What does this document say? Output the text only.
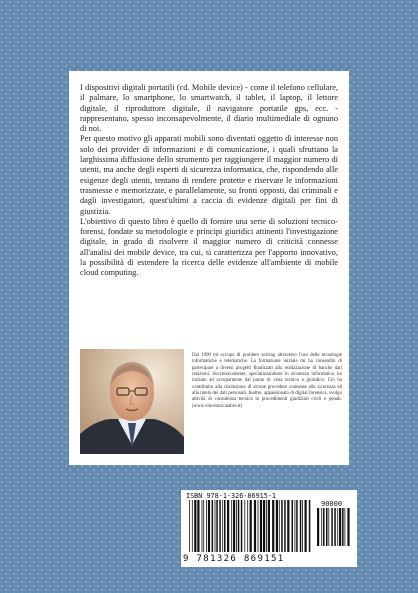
I dispositivi digitali portatili (cd. Mobile device) - come il telefono cellulare, il palmare, lo smartphone, lo smartwatch, il tablet, il laptop, il lettore digitale, il riproduttore digitale, il navigatore portatile gps, ecc. - rappresentano, spesso inconsapevolmente, il diario multimediale di ognuno di noi.

Per questo motivo gli apparati mobili sono diventati oggetto di interesse non solo dei provider di informazioni e di comunicazione, i quali sfruttano la larghissima diffusione dello strumento per raggiungere il maggior numero di utenti, ma anche degli esperti di sicurezza informatica, che, rispondendo alle esigenze degli utenti, tentano di rendere protette e riservate le informazioni trasmesse e memorizzate, e parallelamente, su fronti opposti, dai criminali e dagli investigatori, quest'ultimi a caccia di evidenze digitali per fini di giustizia.

L'obiettivo di questo libro è quello di fornire una serie di soluzioni tecnico-forensi, fondate su metodologie e principi giuridici attinenti l'investigazione digitale, in grado di risolvere il maggior numero di criticità connesse all'analisi dei mobile device, tra cui, si caratterizza per l'apporto innovativo, la possibilità di estendere la ricerca delle evidenze all'ambiente di mobile cloud computing.

Dal 1990 mi occupo di problem solving attraverso l'uso delle tecnologie informatiche e telematiche. La formazione iniziale mi ha consentito di partecipare a diversi progetti finalizzati alla realizzazione di banche dati relazioni. Successivamente, specializzandomi in sicurezza informatica, ho iniziato ad occuparmene dal punto di vista tecnico e giuridico. Ciò ha contribuito alla risoluzione di alcune procedure connesse alla sicurezza ed alla tutela dei dati personali. Inoltre, appassionato di digital forensics, svolgo attività di consulenza tecnica in procedimenti giudiziari civili e penali. (www.vincenzocalabro.it)
ISBN 978-1-326-86915-1
90000
9 781326 869151
